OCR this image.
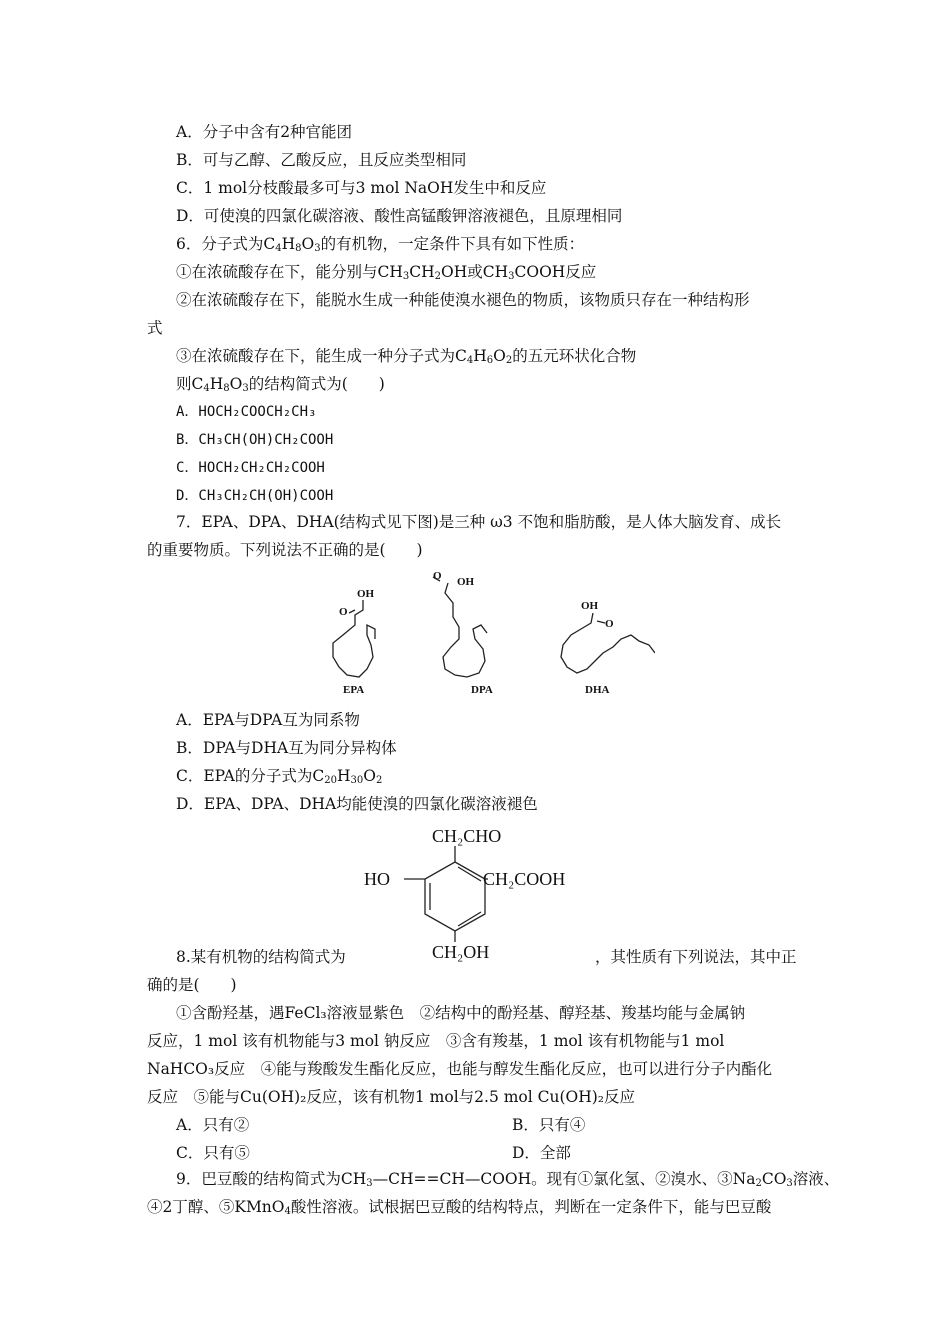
A．分子中含有2种官能团
B．可与乙醇、乙酸反应，且反应类型相同
C．1 mol分枝酸最多可与3 mol NaOH发生中和反应
D．可使溴的四氯化碳溶液、酸性高锰酸钾溶液褪色，且原理相同
6．分子式为$C_4H_8O_3$的有机物，一定条件下具有如下性质：
①在浓硫酸存在下，能分别与$CH_3CH_2OH$或$CH_3COOH$反应
②在浓硫酸存在下，能脱水生成一种能使溴水褪色的物质，该物质只存在一种结构形
式
③在浓硫酸存在下，能生成一种分子式为$C_4H_6O_2$的五元环状化合物
则$C_4H_8O_3$的结构简式为(　　)
A．HOCH₂COOCH₂CH₃
B．CH₃CH(OH)CH₂COOH
C．HOCH₂CH₂CH₂COOH
D．CH₃CH₂CH(OH)COOH
7．EPA、DPA、DHA(结构式见下图)是三种 ω3 不饱和脂肪酸，是人体大脑发育、成长
的重要物质。下列说法不正确的是(　　)
OH
O
EPA
O OH
DPA
OH
O
DHA
A．EPA与DPA互为同系物
B．DPA与DHA互为同分异构体
C．EPA的分子式为$C_{20}H_{30}O_2$
D．EPA、DPA、DHA均能使溴的四氯化碳溶液褪色
CH₂CHO
HO	CH₂COOH
CH₂OH
8.某有机物的结构简式为	，其性质有下列说法，其中正
确的是(　　)
①含酚羟基，遇FeCl₃溶液显紫色　②结构中的酚羟基、醇羟基、羧基均能与金属钠
反应，1 mol 该有机物能与3 mol 钠反应　③含有羧基，1 mol 该有机物能与1 mol
NaHCO₃反应　④能与羧酸发生酯化反应，也能与醇发生酯化反应，也可以进行分子内酯化
反应　⑤能与Cu(OH)₂反应，该有机物1 mol与2.5 mol Cu(OH)₂反应
A．只有②	B．只有④
C．只有⑤	D．全部
9．巴豆酸的结构简式为$CH_3—CH==CH—COOH$。现有①氯化氢、②溴水、$③Na_2CO_3$溶液、
④2丁醇、⑤KMnO$_4$酸性溶液。试根据巴豆酸的结构特点，判断在一定条件下，能与巴豆酸
